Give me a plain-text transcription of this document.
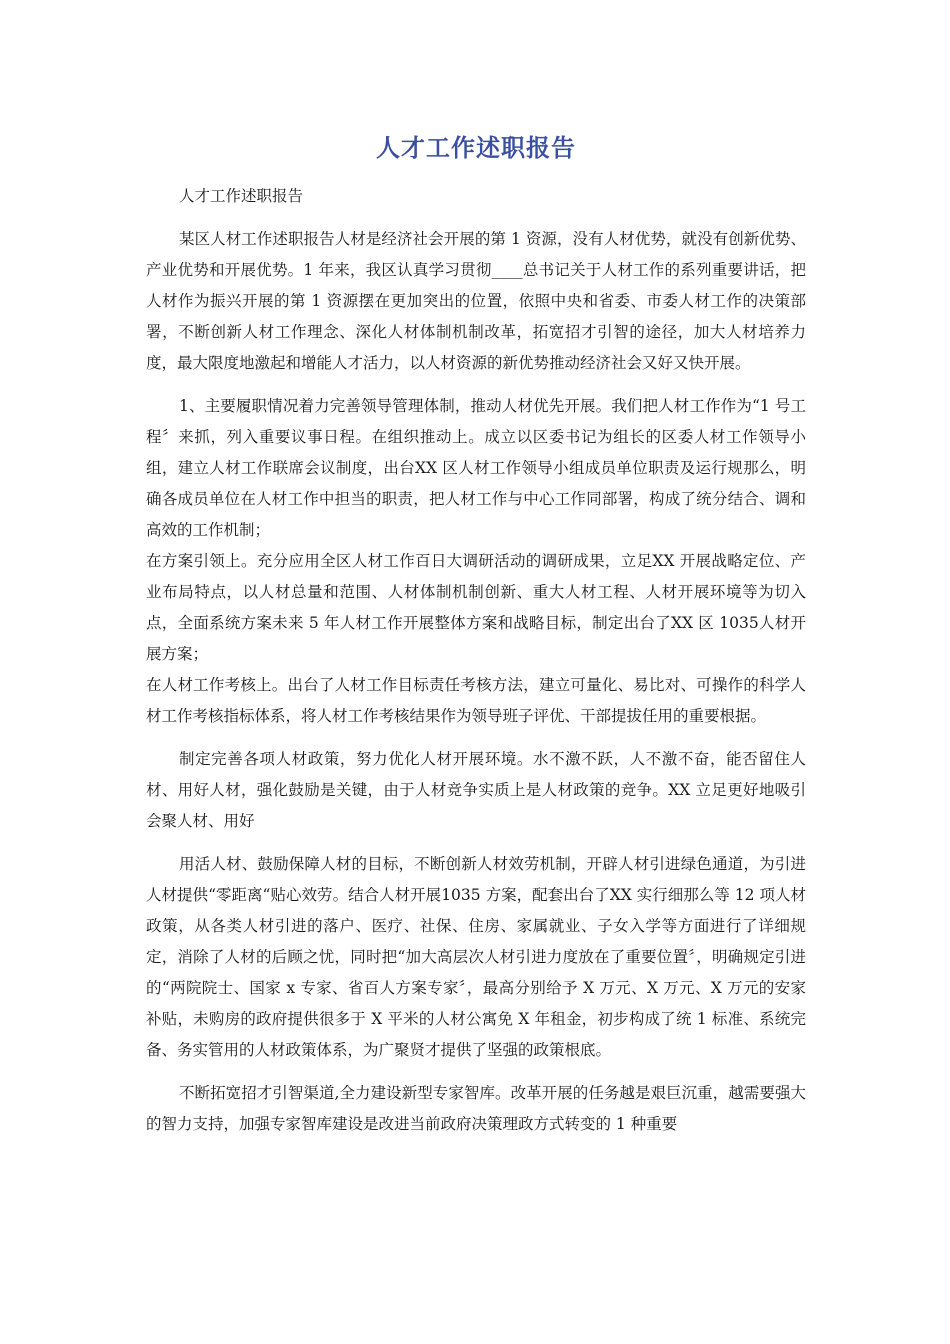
人才工作述职报告

人才工作述职报告

某区人材工作述职报告人材是经济社会开展的第 1 资源，没有人材优势，就没有创新优势、产业优势和开展优势。1 年来，我区认真学习贯彻____总书记关于人材工作的系列重要讲话，把人材作为振兴开展的第 1 资源摆在更加突出的位置，依照中央和省委、市委人材工作的决策部署，不断创新人材工作理念、深化人材体制机制改革，拓宽招才引智的途径，加大人材培养力度，最大限度地激起和增能人才活力，以人材资源的新优势推动经济社会又好又快开展。

1、主要履职情况着力完善领导管理体制，推动人材优先开展。我们把人材工作作为“1 号工程〞来抓，列入重要议事日程。在组织推动上。成立以区委书记为组长的区委人材工作领导小组，建立人材工作联席会议制度，出台XX 区人材工作领导小组成员单位职责及运行规那么，明确各成员单位在人材工作中担当的职责，把人材工作与中心工作同部署，构成了统分结合、调和高效的工作机制；

在方案引领上。充分应用全区人材工作百日大调研活动的调研成果，立足XX 开展战略定位、产业布局特点，以人材总量和范围、人材体制机制创新、重大人材工程、人材开展环境等为切入点，全面系统方案未来 5 年人材工作开展整体方案和战略目标，制定出台了XX 区 1035人材开展方案；

在人材工作考核上。出台了人材工作目标责任考核方法，建立可量化、易比对、可操作的科学人材工作考核指标体系，将人材工作考核结果作为领导班子评优、干部提拔任用的重要根据。

制定完善各项人材政策，努力优化人材开展环境。水不激不跃，人不激不奋，能否留住人材、用好人材，强化鼓励是关键，由于人材竞争实质上是人材政策的竞争。XX 立足更好地吸引会聚人材、用好

用活人材、鼓励保障人材的目标，不断创新人材效劳机制，开辟人材引进绿色通道，为引进人材提供“零距离“贴心效劳。结合人材开展1035 方案，配套出台了XX 实行细那么等 12 项人材政策，从各类人材引进的落户、医疗、社保、住房、家属就业、子女入学等方面进行了详细规定，消除了人材的后顾之忧，同时把“加大高层次人材引进力度放在了重要位置〞，明确规定引进的“两院院士、国家 x 专家、省百人方案专家〞，最高分别给予 X 万元、X 万元、X 万元的安家补贴，未购房的政府提供很多于 X 平米的人材公寓免 X 年租金，初步构成了统 1 标准、系统完备、务实管用的人材政策体系，为广聚贤才提供了坚强的政策根底。

不断拓宽招才引智渠道,全力建设新型专家智库。改革开展的任务越是艰巨沉重，越需要强大的智力支持，加强专家智库建设是改进当前政府决策理政方式转变的 1 种重要
